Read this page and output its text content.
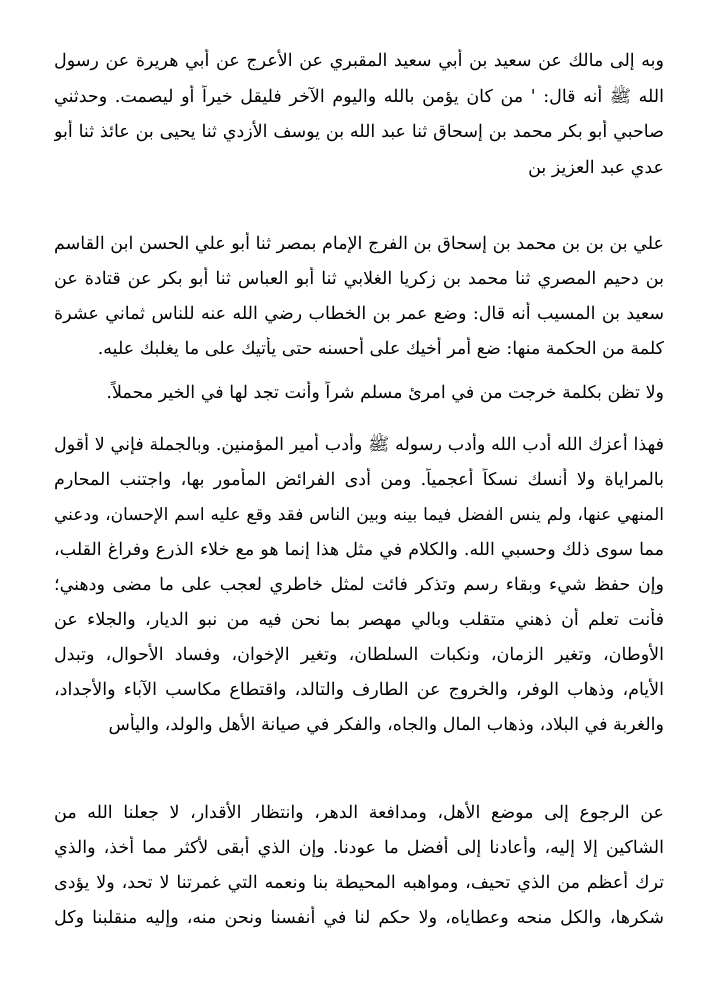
وبه إلى مالك عن سعيد بن أبي سعيد المقبري عن الأعرج عن أبي هريرة عن رسول
الله ﷺ أنه قال: ' من كان يؤمن بالله واليوم الآخر فليقل خيراً أو ليصمت. وحدثني
صاحبي أبو بكر محمد بن إسحاق ثنا عبد الله بن يوسف الأزدي ثنا يحيى بن عائذ ثنا أبو
عدي عبد العزيز بن
علي بن بن بن محمد بن إسحاق بن الفرج الإمام بمصر ثنا أبو علي الحسن ابن القاسم
بن دحيم المصري ثنا محمد بن زكريا الغلابي ثنا أبو العباس ثنا أبو بكر عن قتادة عن
سعيد بن المسيب أنه قال: وضع عمر بن الخطاب رضي الله عنه للناس ثماني عشرة
كلمة من الحكمة منها: ضع أمر أخيك على أحسنه حتى يأتيك على ما يغلبك عليه.
ولا تظن بكلمة خرجت من في امرئ مسلم شراً وأنت تجد لها في الخير محملاً.
فهذا أعزك الله أدب الله وأدب رسوله ﷺ وأدب أمير المؤمنين. وبالجملة فإني لا أقول
بالمراياة ولا أنسك نسكاً أعجمياً. ومن أدى الفرائض المأمور بها، واجتنب المحارم
المنهي عنها، ولم ينس الفضل فيما بينه وبين الناس فقد وقع عليه اسم الإحسان، ودعني
مما سوى ذلك وحسبي الله. والكلام في مثل هذا إنما هو مع خلاء الذرع وفراغ القلب،
وإن حفظ شيء وبقاء رسم وتذكر فائت لمثل خاطري لعجب على ما مضى ودهني؛
فأنت تعلم أن ذهني متقلب وبالي مهصر بما نحن فيه من نبو الديار، والجلاء عن
الأوطان، وتغير الزمان، ونكبات السلطان، وتغير الإخوان، وفساد الأحوال، وتبدل
الأيام، وذهاب الوفر، والخروج عن الطارف والتالد، واقتطاع مكاسب الآباء والأجداد،
والغربة في البلاد، وذهاب المال والجاه، والفكر في صيانة الأهل والولد، واليأس
عن الرجوع إلى موضع الأهل، ومدافعة الدهر، وانتظار الأقدار، لا جعلنا الله من
الشاكين إلا إليه، وأعادنا إلى أفضل ما عودنا. وإن الذي أبقى لأكثر مما أخذ، والذي
ترك أعظم من الذي تحيف، ومواهبه المحيطة بنا ونعمه التي غمرتنا لا تحد، ولا يؤدى
شكرها، والكل منحه وعطاياه، ولا حكم لنا في أنفسنا ونحن منه، وإليه منقلبنا وكل
